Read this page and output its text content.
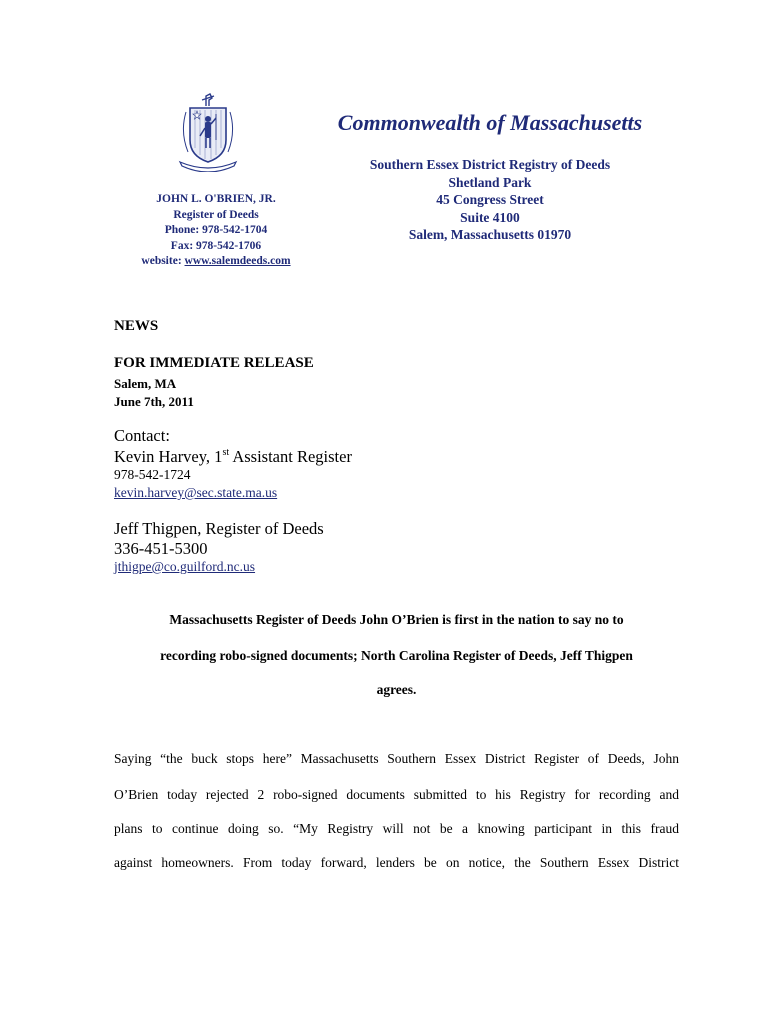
JOHN L. O'BRIEN, JR.
Register of Deeds
Phone: 978-542-1704
Fax: 978-542-1706
website: www.salemdeeds.com
Commonwealth of Massachusetts
Southern Essex District Registry of Deeds
Shetland Park
45 Congress Street
Suite 4100
Salem, Massachusetts 01970
NEWS
FOR IMMEDIATE RELEASE
Salem, MA
June 7th, 2011
Contact:
Kevin Harvey, 1st Assistant Register
978-542-1724
kevin.harvey@sec.state.ma.us
Jeff Thigpen, Register of Deeds
336-451-5300
jthigpe@co.guilford.nc.us
Massachusetts Register of Deeds John O’Brien is first in the nation to say no to
recording robo-signed documents; North Carolina Register of Deeds, Jeff Thigpen
agrees.
Saying “the buck stops here” Massachusetts Southern Essex District Register of Deeds, John
O’Brien today rejected 2 robo-signed documents submitted to his Registry for recording and
plans to continue doing so. “My Registry will not be a knowing participant in this fraud
against homeowners. From today forward, lenders be on notice, the Southern Essex District
